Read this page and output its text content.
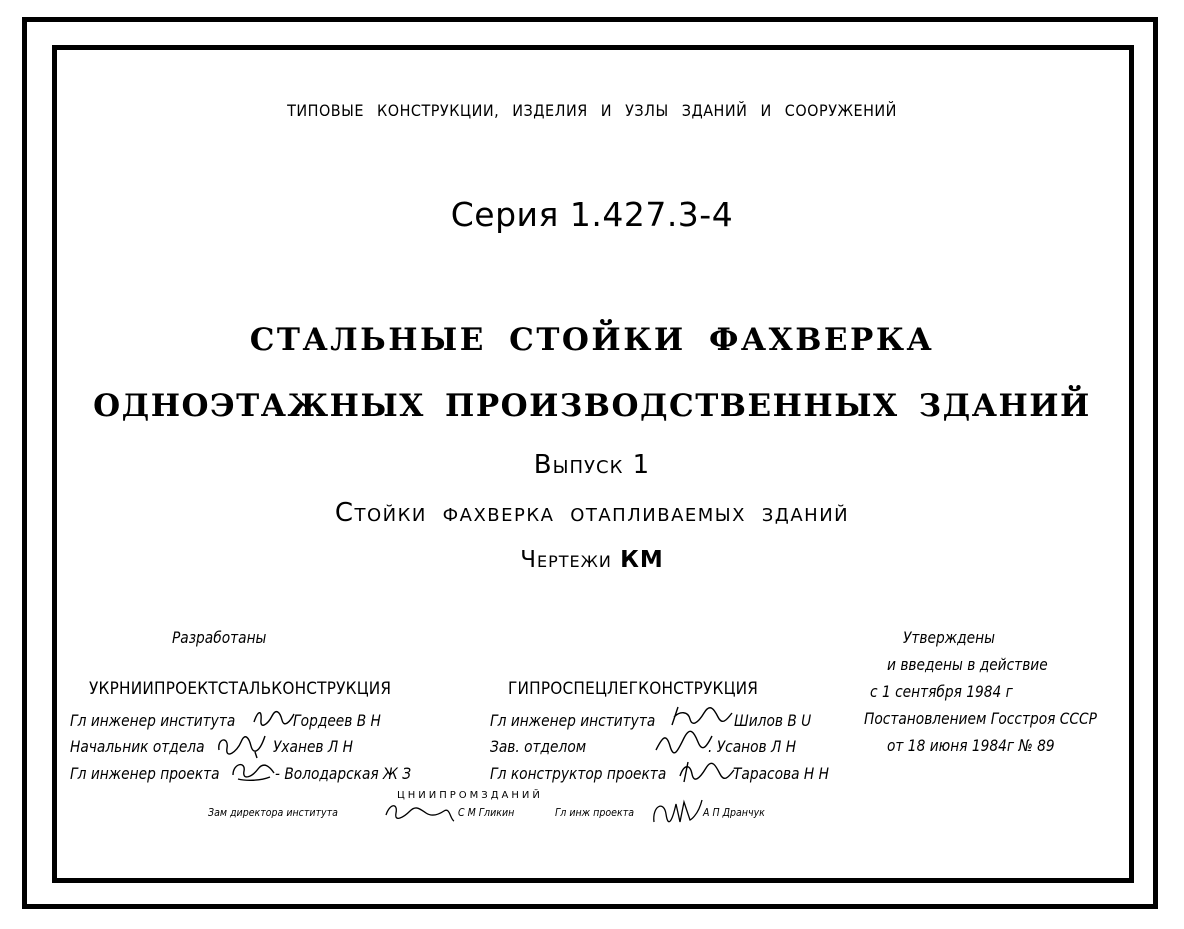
ТИПОВЫЕ КОНСТРУКЦИИ, ИЗДЕЛИЯ И УЗЛЫ ЗДАНИЙ И СООРУЖЕНИЙ
Серия 1.427.3-4
СТАЛЬНЫЕ СТОЙКИ ФАХВЕРКА
ОДНОЭТАЖНЫХ ПРОИЗВОДСТВЕННЫХ ЗДАНИЙ
Выпуск 1
Стойки фахверка отапливаемых зданий
Чертежи КМ
Разработаны
УКРНИИПРОЕКТСТАЛЬКОНСТРУКЦИЯ
Гл инженер института	Гордеев В Н
Начальник отдела	Уханев Л Н
Гл инженер проекта	- Володарская Ж З
ГИПРОСПЕЦЛЕГКОНСТРУКЦИЯ
Гл инженер института	Шилов В U
Зав. отделом	. Усанов Л Н
Гл конструктор проекта	Тарасова Н Н
ЦНИИПРОМЗДАНИЙ
Зам директора института	С М Гликин	Гл инж проекта	А П Дранчук
Утверждены
и введены в действие
с 1 сентября 1984 г
Постановлением Госстроя СССР
от 18 июня 1984г № 89
